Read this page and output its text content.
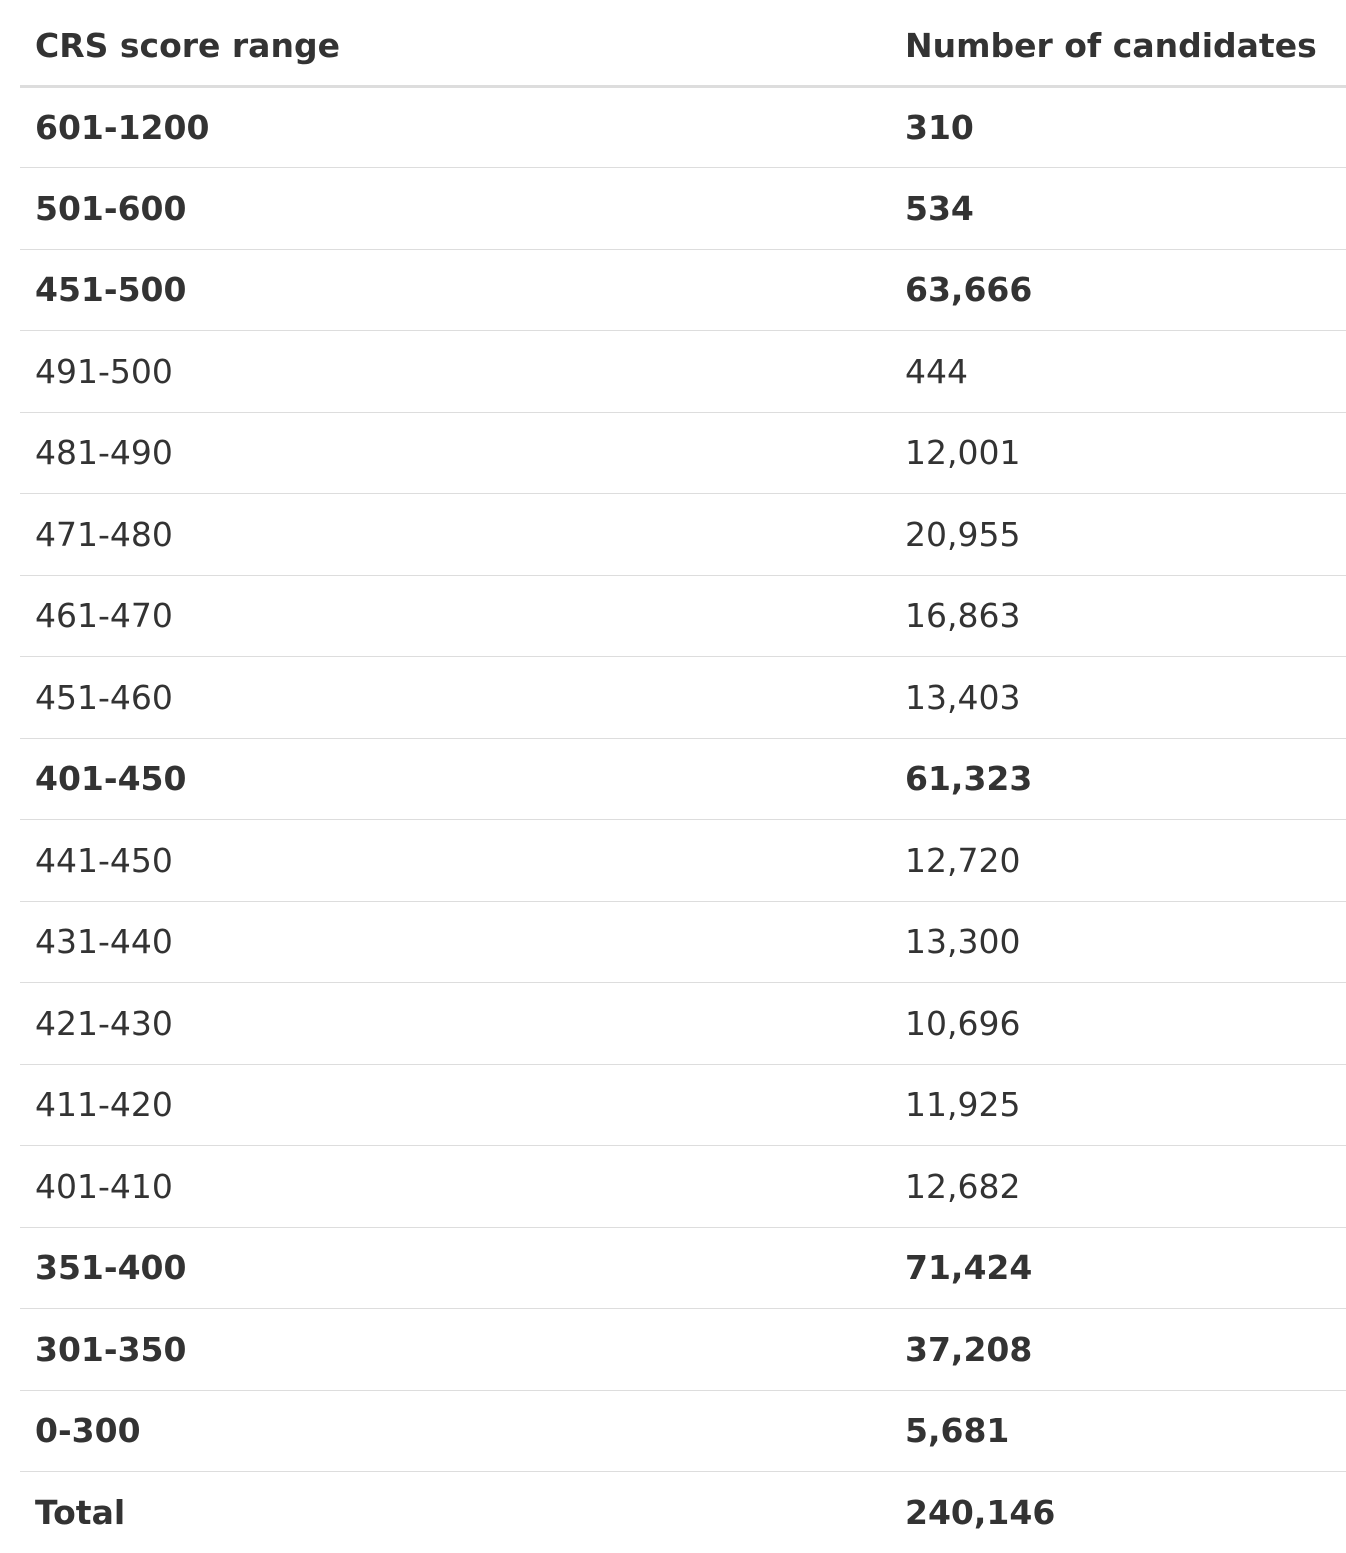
CRS score range	Number of candidates
601-1200	310
501-600	534
451-500	63,666
491-500	444
481-490	12,001
471-480	20,955
461-470	16,863
451-460	13,403
401-450	61,323
441-450	12,720
431-440	13,300
421-430	10,696
411-420	11,925
401-410	12,682
351-400	71,424
301-350	37,208
0-300	5,681
Total	240,146
